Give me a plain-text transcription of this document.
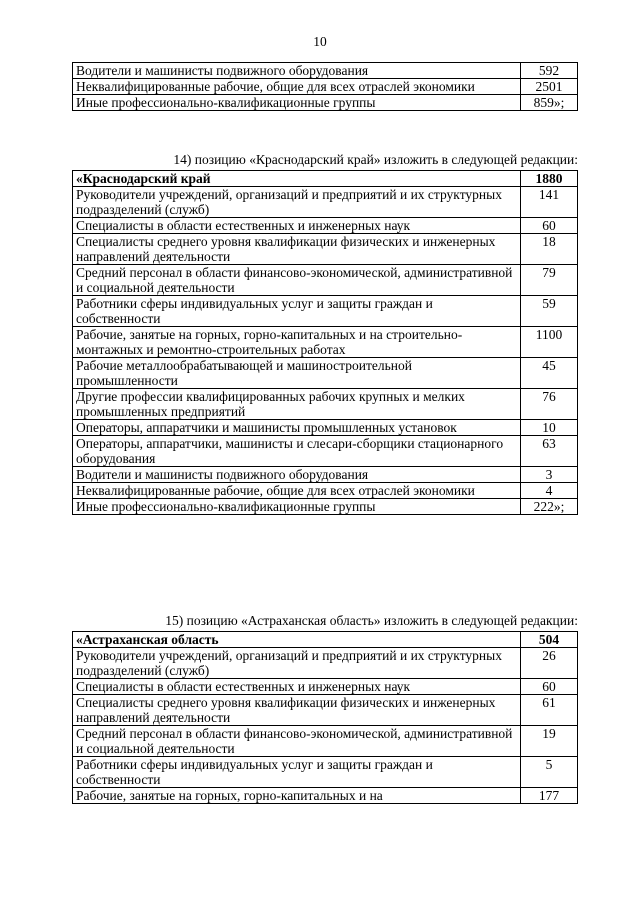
10
Водители и машинисты подвижного оборудования	592
Неквалифицированные рабочие, общие для всех отраслей экономики	2501
Иные профессионально-квалификационные группы	859»;
14) позицию «Краснодарский край» изложить в следующей редакции:
«Краснодарский край	1880
Руководители учреждений, организаций и предприятий и их структурных подразделений (служб)	141
Специалисты в области естественных и инженерных наук	60
Специалисты среднего уровня квалификации физических и инженерных направлений деятельности	18
Средний персонал в области финансово-экономической, административной и социальной деятельности	79
Работники сферы индивидуальных услуг и защиты граждан и собственности	59
Рабочие, занятые на горных, горно-капитальных и на строительно-монтажных и ремонтно-строительных работах	1100
Рабочие металлообрабатывающей и машиностроительной промышленности	45
Другие профессии квалифицированных рабочих крупных и мелких промышленных предприятий	76
Операторы, аппаратчики и машинисты промышленных установок	10
Операторы, аппаратчики, машинисты и слесари-сборщики стационарного оборудования	63
Водители и машинисты подвижного оборудования	3
Неквалифицированные рабочие, общие для всех отраслей экономики	4
Иные профессионально-квалификационные группы	222»;
15) позицию «Астраханская область» изложить в следующей редакции:
«Астраханская область	504
Руководители учреждений, организаций и предприятий и их структурных подразделений (служб)	26
Специалисты в области естественных и инженерных наук	60
Специалисты среднего уровня квалификации физических и инженерных направлений деятельности	61
Средний персонал в области финансово-экономической, административной и социальной деятельности	19
Работники сферы индивидуальных услуг и защиты граждан и собственности	5
Рабочие, занятые на горных, горно-капитальных и на	177
